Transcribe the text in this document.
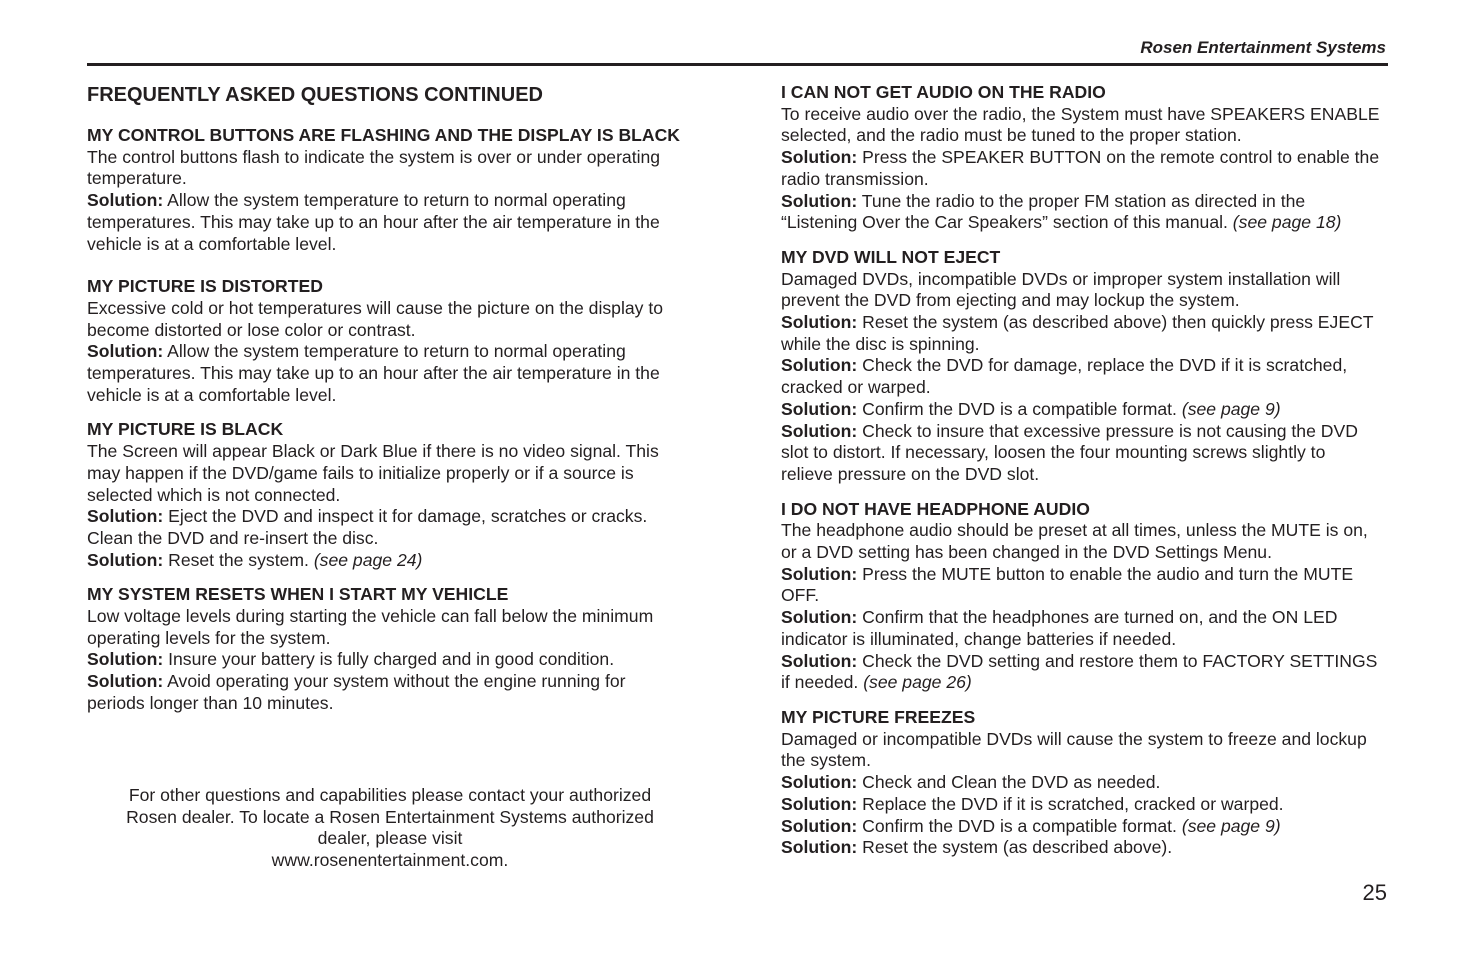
Rosen Entertainment Systems
FREQUENTLY ASKED QUESTIONS CONTINUED

MY CONTROL BUTTONS ARE FLASHING AND THE DISPLAY IS BLACK

The control buttons flash to indicate the system is over or under operating temperature.

Solution: Allow the system temperature to return to normal operating temperatures. This may take up to an hour after the air temperature in the vehicle is at a comfortable level.

MY PICTURE IS DISTORTED

Excessive cold or hot temperatures will cause the picture on the display to become distorted or lose color or contrast.

Solution: Allow the system temperature to return to normal operating temperatures. This may take up to an hour after the air temperature in the vehicle is at a comfortable level.

MY PICTURE IS BLACK

The Screen will appear Black or Dark Blue if there is no video signal. This may happen if the DVD/game fails to initialize properly or if a source is selected which is not connected.

Solution: Eject the DVD and inspect it for damage, scratches or cracks. Clean the DVD and re-insert the disc.

Solution: Reset the system. (see page 24)

MY SYSTEM RESETS WHEN I START MY VEHICLE

Low voltage levels during starting the vehicle can fall below the minimum operating levels for the system.

Solution: Insure your battery is fully charged and in good condition.

Solution: Avoid operating your system without the engine running for periods longer than 10 minutes.

I CAN NOT GET AUDIO ON THE RADIO

To receive audio over the radio, the System must have SPEAKERS ENABLE selected, and the radio must be tuned to the proper station.

Solution: Press the SPEAKER BUTTON on the remote control to enable the radio transmission.

Solution: Tune the radio to the proper FM station as directed in the “Listening Over the Car Speakers” section of this manual. (see page 18)

MY DVD WILL NOT EJECT

Damaged DVDs, incompatible DVDs or improper system installation will prevent the DVD from ejecting and may lockup the system.

Solution: Reset the system (as described above) then quickly press EJECT while the disc is spinning.

Solution: Check the DVD for damage, replace the DVD if it is scratched, cracked or warped.

Solution: Confirm the DVD is a compatible format. (see page 9)

Solution: Check to insure that excessive pressure is not causing the DVD slot to distort. If necessary, loosen the four mounting screws slightly to relieve pressure on the DVD slot.

I DO NOT HAVE HEADPHONE AUDIO

The headphone audio should be preset at all times, unless the MUTE is on, or a DVD setting has been changed in the DVD Settings Menu.

Solution: Press the MUTE button to enable the audio and turn the MUTE OFF.

Solution: Confirm that the headphones are turned on, and the ON LED indicator is illuminated, change batteries if needed.

Solution: Check the DVD setting and restore them to FACTORY SETTINGS if needed. (see page 26)

MY PICTURE FREEZES

Damaged or incompatible DVDs will cause the system to freeze and lockup the system.

Solution: Check and Clean the DVD as needed.

Solution: Replace the DVD if it is scratched, cracked or warped.

Solution: Confirm the DVD is a compatible format. (see page 9)

Solution: Reset the system (as described above).

For other questions and capabilities please contact your authorized

Rosen dealer. To locate a Rosen Entertainment Systems authorized

dealer, please visit

www.rosenentertainment.com.

25
